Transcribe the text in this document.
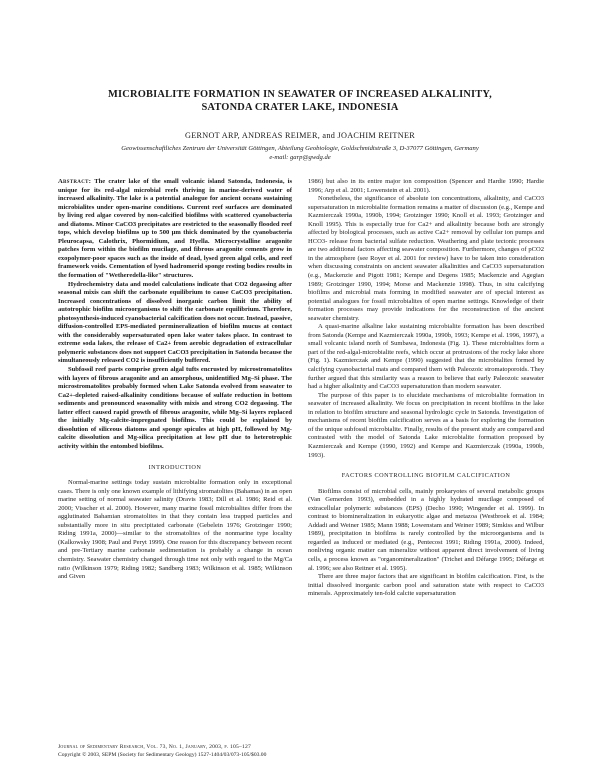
MICROBIALITE FORMATION IN SEAWATER OF INCREASED ALKALINITY,
SATONDA CRATER LAKE, INDONESIA
GERNOT ARP, ANDREAS REIMER, and JOACHIM REITNER
Geowissenschaftliches Zentrum der Universität Göttingen, Abteilung Geobiologie, Goldschmidtstraße 3, D-37077 Göttingen, Germany
e-mail: garp@gwdg.de

Abstract: The crater lake of the small volcanic island Satonda, Indonesia, is unique for its red-algal microbial reefs thriving in marine-derived water of increased alkalinity. The lake is a potential analogue for ancient oceans sustaining microbialites under open-marine conditions. Current reef surfaces are dominated by living red algae covered by non-calcified biofilms with scattered cyanobacteria and diatoms. Minor CaCO3 precipitates are restricted to the seasonally flooded reef tops, which develop biofilms up to 500 μm thick dominated by the cyanobacteria Pleurocapsa, Calothrix, Phormidium, and Hyella. Microcrystalline aragonite patches form within the biofilm mucilage, and fibrous aragonite cements grow in exopolymer-poor spaces such as the inside of dead, lysed green algal cells, and reef framework voids. Cementation of lysed hadromerid sponge resting bodies results in the formation of "Wetheredella-like" structures.

Hydrochemistry data and model calculations indicate that CO2 degassing after seasonal mixis can shift the carbonate equilibrium to cause CaCO3 precipitation. Increased concentrations of dissolved inorganic carbon limit the ability of autotrophic biofilm microorganisms to shift the carbonate equilibrium. Therefore, photosynthesis-induced cyanobacterial calcification does not occur. Instead, passive, diffusion-controlled EPS-mediated permineralization of biofilm mucus at contact with the considerably supersaturated open lake water takes place. In contrast to extreme soda lakes, the release of Ca2+ from aerobic degradation of extracellular polymeric substances does not support CaCO3 precipitation in Satonda because the simultaneously released CO2 is insufficiently buffered.

Subfossil reef parts comprise green algal tufts encrusted by microstromatolites with layers of fibrous aragonite and an amorphous, unidentified Mg–Si phase. The microstromatolites probably formed when Lake Satonda evolved from seawater to Ca2+-depleted raised-alkalinity conditions because of sulfate reduction in bottom sediments and pronounced seasonality with mixis and strong CO2 degassing. The latter effect caused rapid growth of fibrous aragonite, while Mg–Si layers replaced the initially Mg-calcite-impregnated biofilms. This could be explained by dissolution of siliceous diatoms and sponge spicules at high pH, followed by Mg-calcite dissolution and Mg-silica precipitation at low pH due to heterotrophic activity within the entombed biofilms.

INTRODUCTION

Normal-marine settings today sustain microbialite formation only in exceptional cases. There is only one known example of lithifying stromatolites (Bahamas) in an open marine setting of normal seawater salinity (Dravis 1983; Dill et al. 1986; Reid et al. 2000; Visscher et al. 2000). However, many marine fossil microbialites differ from the agglutinated Bahamian stromatolites in that they contain less trapped particles and substantially more in situ precipitated carbonate (Gebelein 1976; Grotzinger 1990; Riding 1991a, 2000)—similar to the stromatolites of the nonmarine type locality (Kalkowsky 1908; Paul and Peryt 1999). One reason for this discrepancy between recent and pre-Tertiary marine carbonate sedimentation is probably a change in ocean chemistry. Seawater chemistry changed through time not only with regard to the Mg/Ca ratio (Wilkinson 1979; Riding 1982; Sandberg 1983; Wilkinson et al. 1985; Wilkinson and Given

1986) but also in its entire major ion composition (Spencer and Hardie 1990; Hardie 1996; Arp et al. 2001; Lowenstein et al. 2001).

Nonetheless, the significance of absolute ion concentrations, alkalinity, and CaCO3 supersaturation in microbialite formation remains a matter of discussion (e.g., Kempe and Kazmierczak 1990a, 1990b, 1994; Grotzinger 1990; Knoll et al. 1993; Grotzinger and Knoll 1995). This is especially true for Ca2+ and alkalinity because both are strongly affected by biological processes, such as active Ca2+ removal by cellular ion pumps and HCO3- release from bacterial sulfate reduction. Weathering and plate tectonic processes are two additional factors affecting seawater composition. Furthermore, changes of pCO2 in the atmosphere (see Royer et al. 2001 for review) have to be taken into consideration when discussing constraints on ancient seawater alkalinities and CaCO3 supersaturation (e.g., Mackenzie and Pigott 1981; Kempe and Degens 1985; Mackenzie and Agegian 1989; Grotzinger 1990, 1994; Morse and Mackenzie 1998). Thus, in situ calcifying biofilms and microbial mats forming in modified seawater are of special interest as potential analogues for fossil microbialites of open marine settings. Knowledge of their formation processes may provide indications for the reconstruction of the ancient seawater chemistry.

A quasi-marine alkaline lake sustaining microbialite formation has been described from Satonda (Kempe and Kazmierczak 1990a, 1990b, 1993; Kempe et al. 1996, 1997), a small volcanic island north of Sumbawa, Indonesia (Fig. 1). These microbialites form a part of the red-algal-microbialite reefs, which occur at protrusions of the rocky lake shore (Fig. 1). Kazmierczak and Kempe (1990) suggested that the microbialites formed by calcifying cyanobacterial mats and compared them with Paleozoic stromatoporoids. They further argued that this similarity was a reason to believe that early Paleozoic seawater had a higher alkalinity and CaCO3 supersaturation than modern seawater.

The purpose of this paper is to elucidate mechanisms of microbialite formation in seawater of increased alkalinity. We focus on precipitation in recent biofilms in the lake in relation to biofilm structure and seasonal hydrologic cycle in Satonda. Investigation of mechanisms of recent biofilm calcification serves as a basis for exploring the formation of the unique subfossil microbialite. Finally, results of the present study are compared and contrasted with the model of Satonda Lake microbialite formation proposed by Kazmierczak and Kempe (1990, 1992) and Kempe and Kazmierczak (1990a, 1990b, 1993).

FACTORS CONTROLLING BIOFILM CALCIFICATION

Biofilms consist of microbial cells, mainly prokaryotes of several metabolic groups (Van Gemerden 1993), embedded in a highly hydrated mucilage composed of extracellular polymeric substances (EPS) (Decho 1990; Wingender et al. 1999). In contrast to biomineralization in eukaryotic algae and metazoa (Westbroek et al. 1984; Addadi and Weiner 1985; Mann 1988; Lowenstam and Weiner 1989; Simkiss and Wilbur 1989), precipitation in biofilms is rarely controlled by the microorganisms and is regarded as induced or mediated (e.g., Pentecost 1991; Riding 1991a, 2000). Indeed, nonliving organic matter can mineralize without apparent direct involvement of living cells, a process known as "organomineralization" (Trichet and Défarge 1995; Défarge et al. 1996; see also Reitner et al. 1995).

There are three major factors that are significant in biofilm calcification. First, is the initial dissolved inorganic carbon pool and saturation state with respect to CaCO3 minerals. Approximately ten-fold calcite supersaturation

Journal of Sedimentary Research, Vol. 73, No. 1, January, 2003, p. 105–127
Copyright © 2003, SEPM (Society for Sedimentary Geology) 1527-1404/03/073-105/$03.00
